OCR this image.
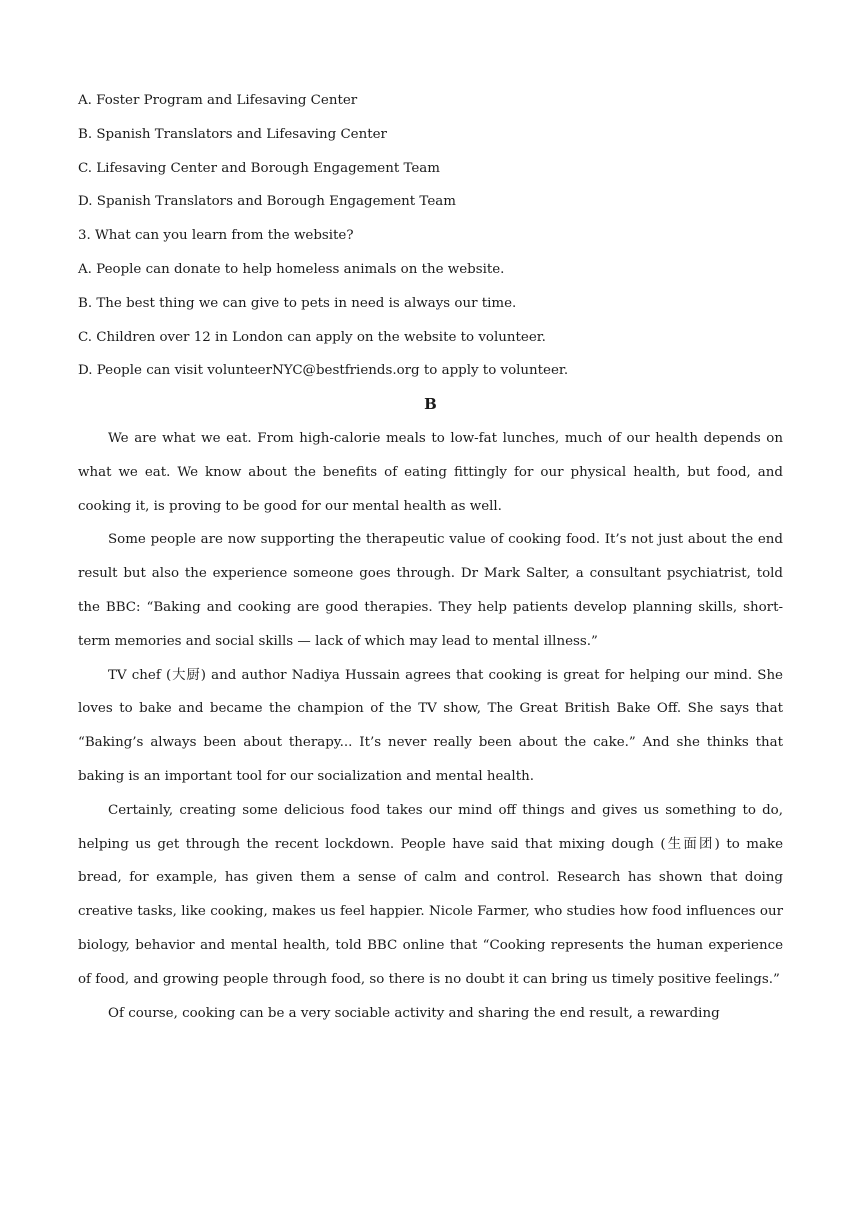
A. Foster Program and Lifesaving Center

B. Spanish Translators and Lifesaving Center

C. Lifesaving Center and Borough Engagement Team

D. Spanish Translators and Borough Engagement Team

3. What can you learn from the website?

A. People can donate to help homeless animals on the website.

B. The best thing we can give to pets in need is always our time.

C. Children over 12 in London can apply on the website to volunteer.

D. People can visit volunteerNYC@bestfriends.org to apply to volunteer.

B

We are what we eat. From high-calorie meals to low-fat lunches, much of our health depends on what we eat. We know about the benefits of eating fittingly for our physical health, but food, and cooking it, is proving to be good for our mental health as well.

Some people are now supporting the therapeutic value of cooking food. It’s not just about the end result but also the experience someone goes through. Dr Mark Salter, a consultant psychiatrist, told the BBC: “Baking and cooking are good therapies. They help patients develop planning skills, short-term memories and social skills — lack of which may lead to mental illness.”

TV chef (大厨) and author Nadiya Hussain agrees that cooking is great for helping our mind. She loves to bake and became the champion of the TV show, The Great British Bake Off. She says that “Baking’s always been about therapy... It’s never really been about the cake.” And she thinks that baking is an important tool for our socialization and mental health.

Certainly, creating some delicious food takes our mind off things and gives us something to do, helping us get through the recent lockdown. People have said that mixing dough (生面团) to make bread, for example, has given them a sense of calm and control. Research has shown that doing creative tasks, like cooking, makes us feel happier. Nicole Farmer, who studies how food influences our biology, behavior and mental health, told BBC online that “Cooking represents the human experience of food, and growing people through food, so there is no doubt it can bring us timely positive feelings.”

Of course, cooking can be a very sociable activity and sharing the end result, a rewarding
